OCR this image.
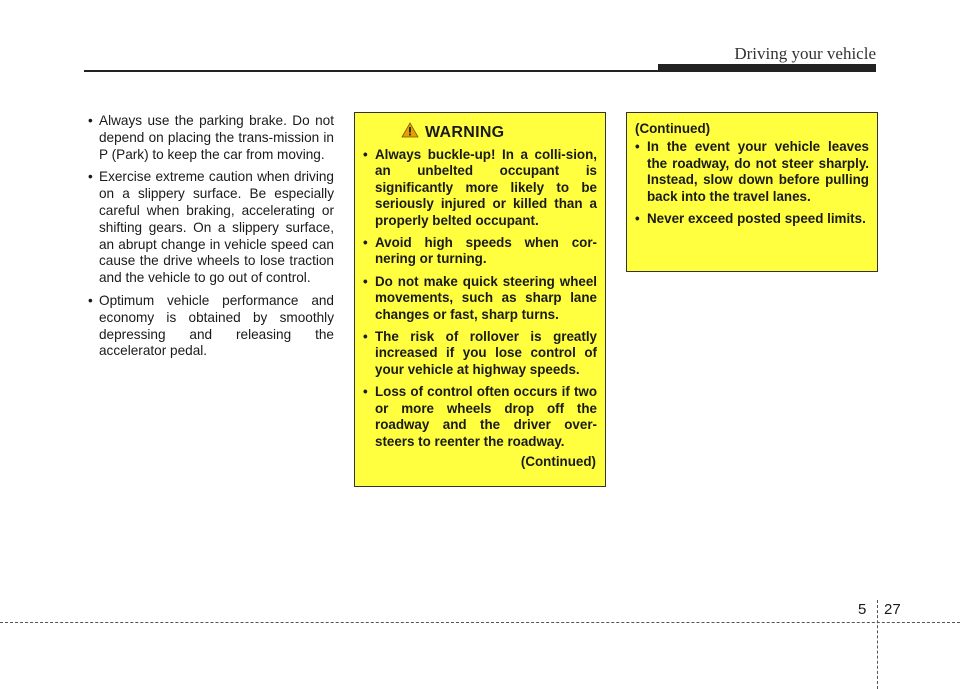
Driving your vehicle
• Always use the parking brake. Do not depend on placing the trans-mission in P (Park) to keep the car from moving.
• Exercise extreme caution when driving on a slippery surface. Be especially careful when braking, accelerating or shifting gears. On a slippery surface, an abrupt change in vehicle speed can cause the drive wheels to lose traction and the vehicle to go out of control.
• Optimum vehicle performance and economy is obtained by smoothly depressing and releasing the accelerator pedal.
WARNING
• Always buckle-up! In a colli-sion, an unbelted occupant is significantly more likely to be seriously injured or killed than a properly belted occupant.
• Avoid high speeds when cor-nering or turning.
• Do not make quick steering wheel movements, such as sharp lane changes or fast, sharp turns.
• The risk of rollover is greatly increased if you lose control of your vehicle at highway speeds.
• Loss of control often occurs if two or more wheels drop off the roadway and the driver over-steers to reenter the roadway.
(Continued)
(Continued)
• In the event your vehicle leaves the roadway, do not steer sharply. Instead, slow down before pulling back into the travel lanes.
• Never exceed posted speed limits.
5 27
